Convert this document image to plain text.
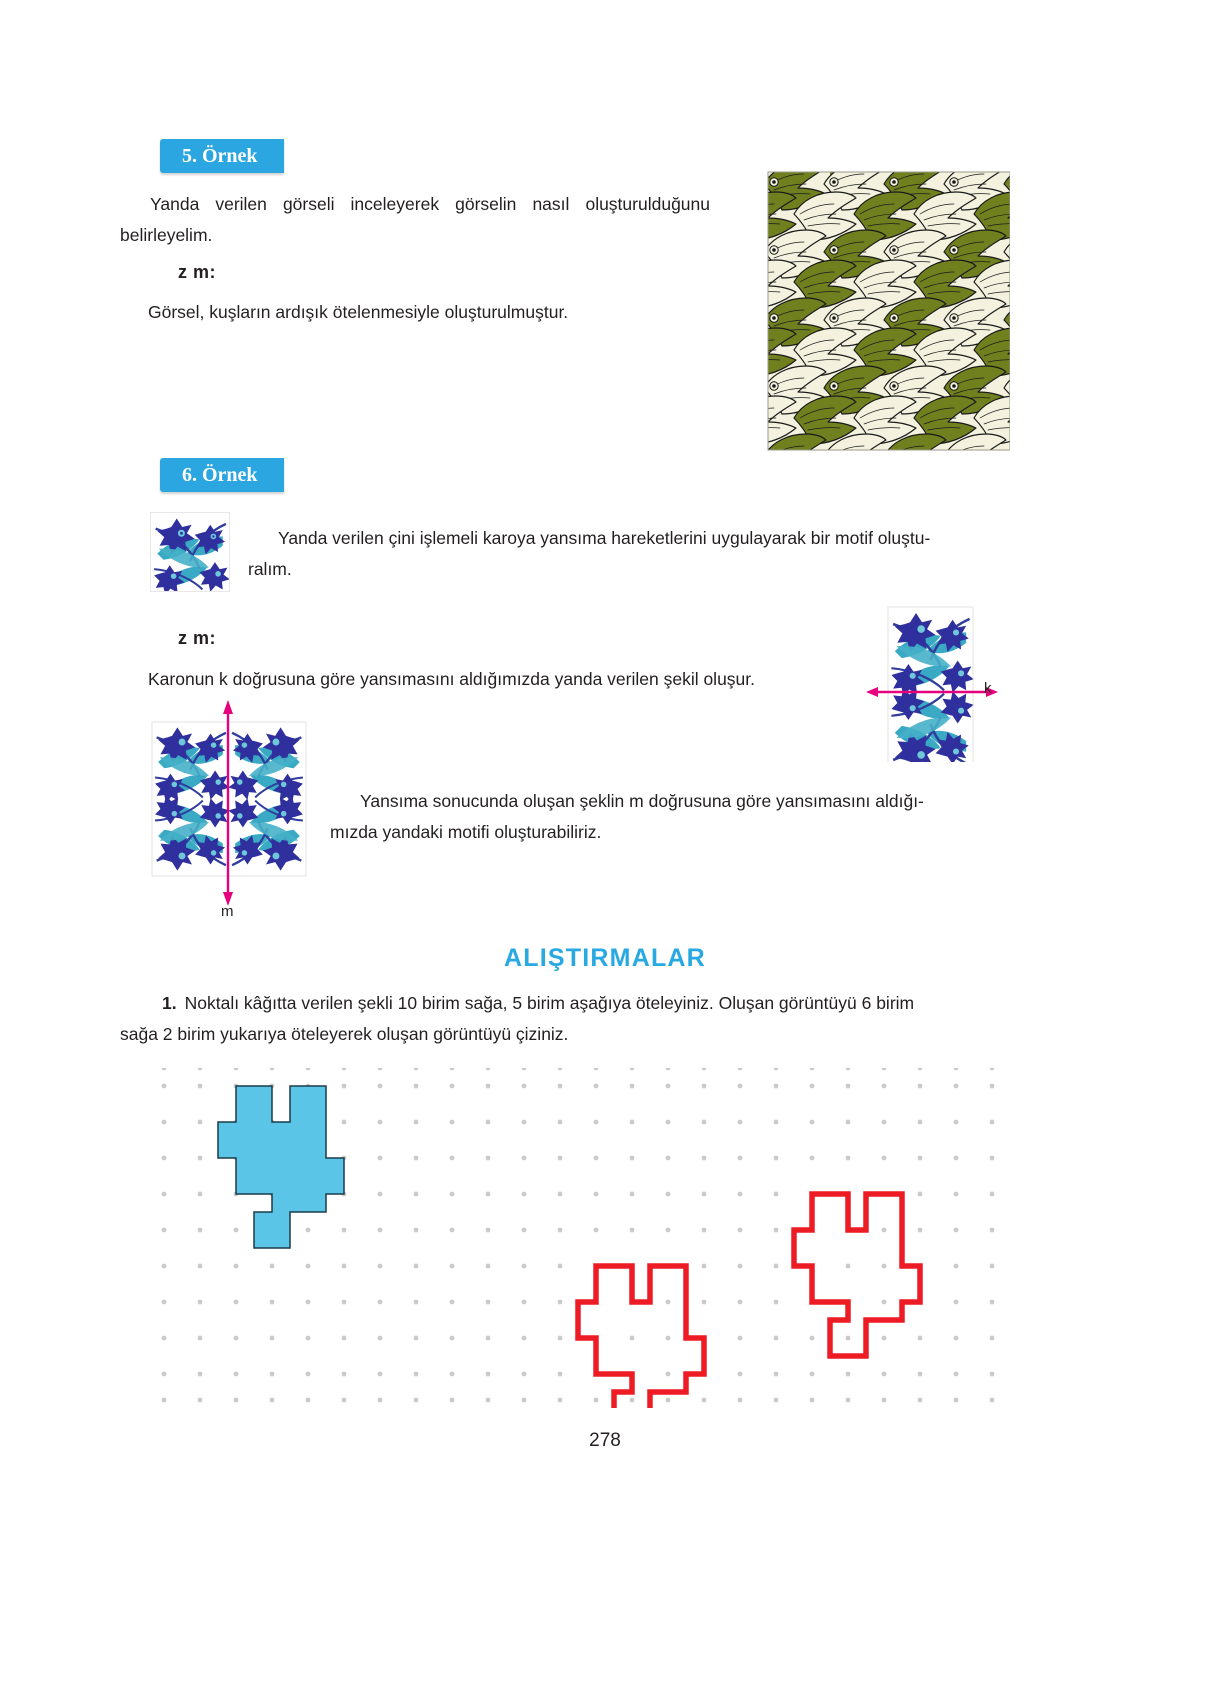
5. Örnek
Yanda verilen görseli inceleyerek görselin nasıl oluşturulduğunu belirleyelim.
z m:
Görsel, kuşların ardışık ötelenmesiyle oluşturulmuştur.
6. Örnek
Yanda verilen çini işlemeli karoya yansıma hareketlerini uygulayarak bir motif oluştu-
ralım.
z m:
Karonun k doğrusuna göre yansımasını aldığımızda yanda verilen şekil oluşur.	k
m
Yansıma sonucunda oluşan şeklin m doğrusuna göre yansımasını aldığı-
mızda yandaki motifi oluşturabiliriz.
ALIŞTIRMALAR
1. Noktalı kâğıtta verilen şekli 10 birim sağa, 5 birim aşağıya öteleyiniz. Oluşan görüntüyü 6 birim
sağa 2 birim yukarıya öteleyerek oluşan görüntüyü çiziniz.
278
